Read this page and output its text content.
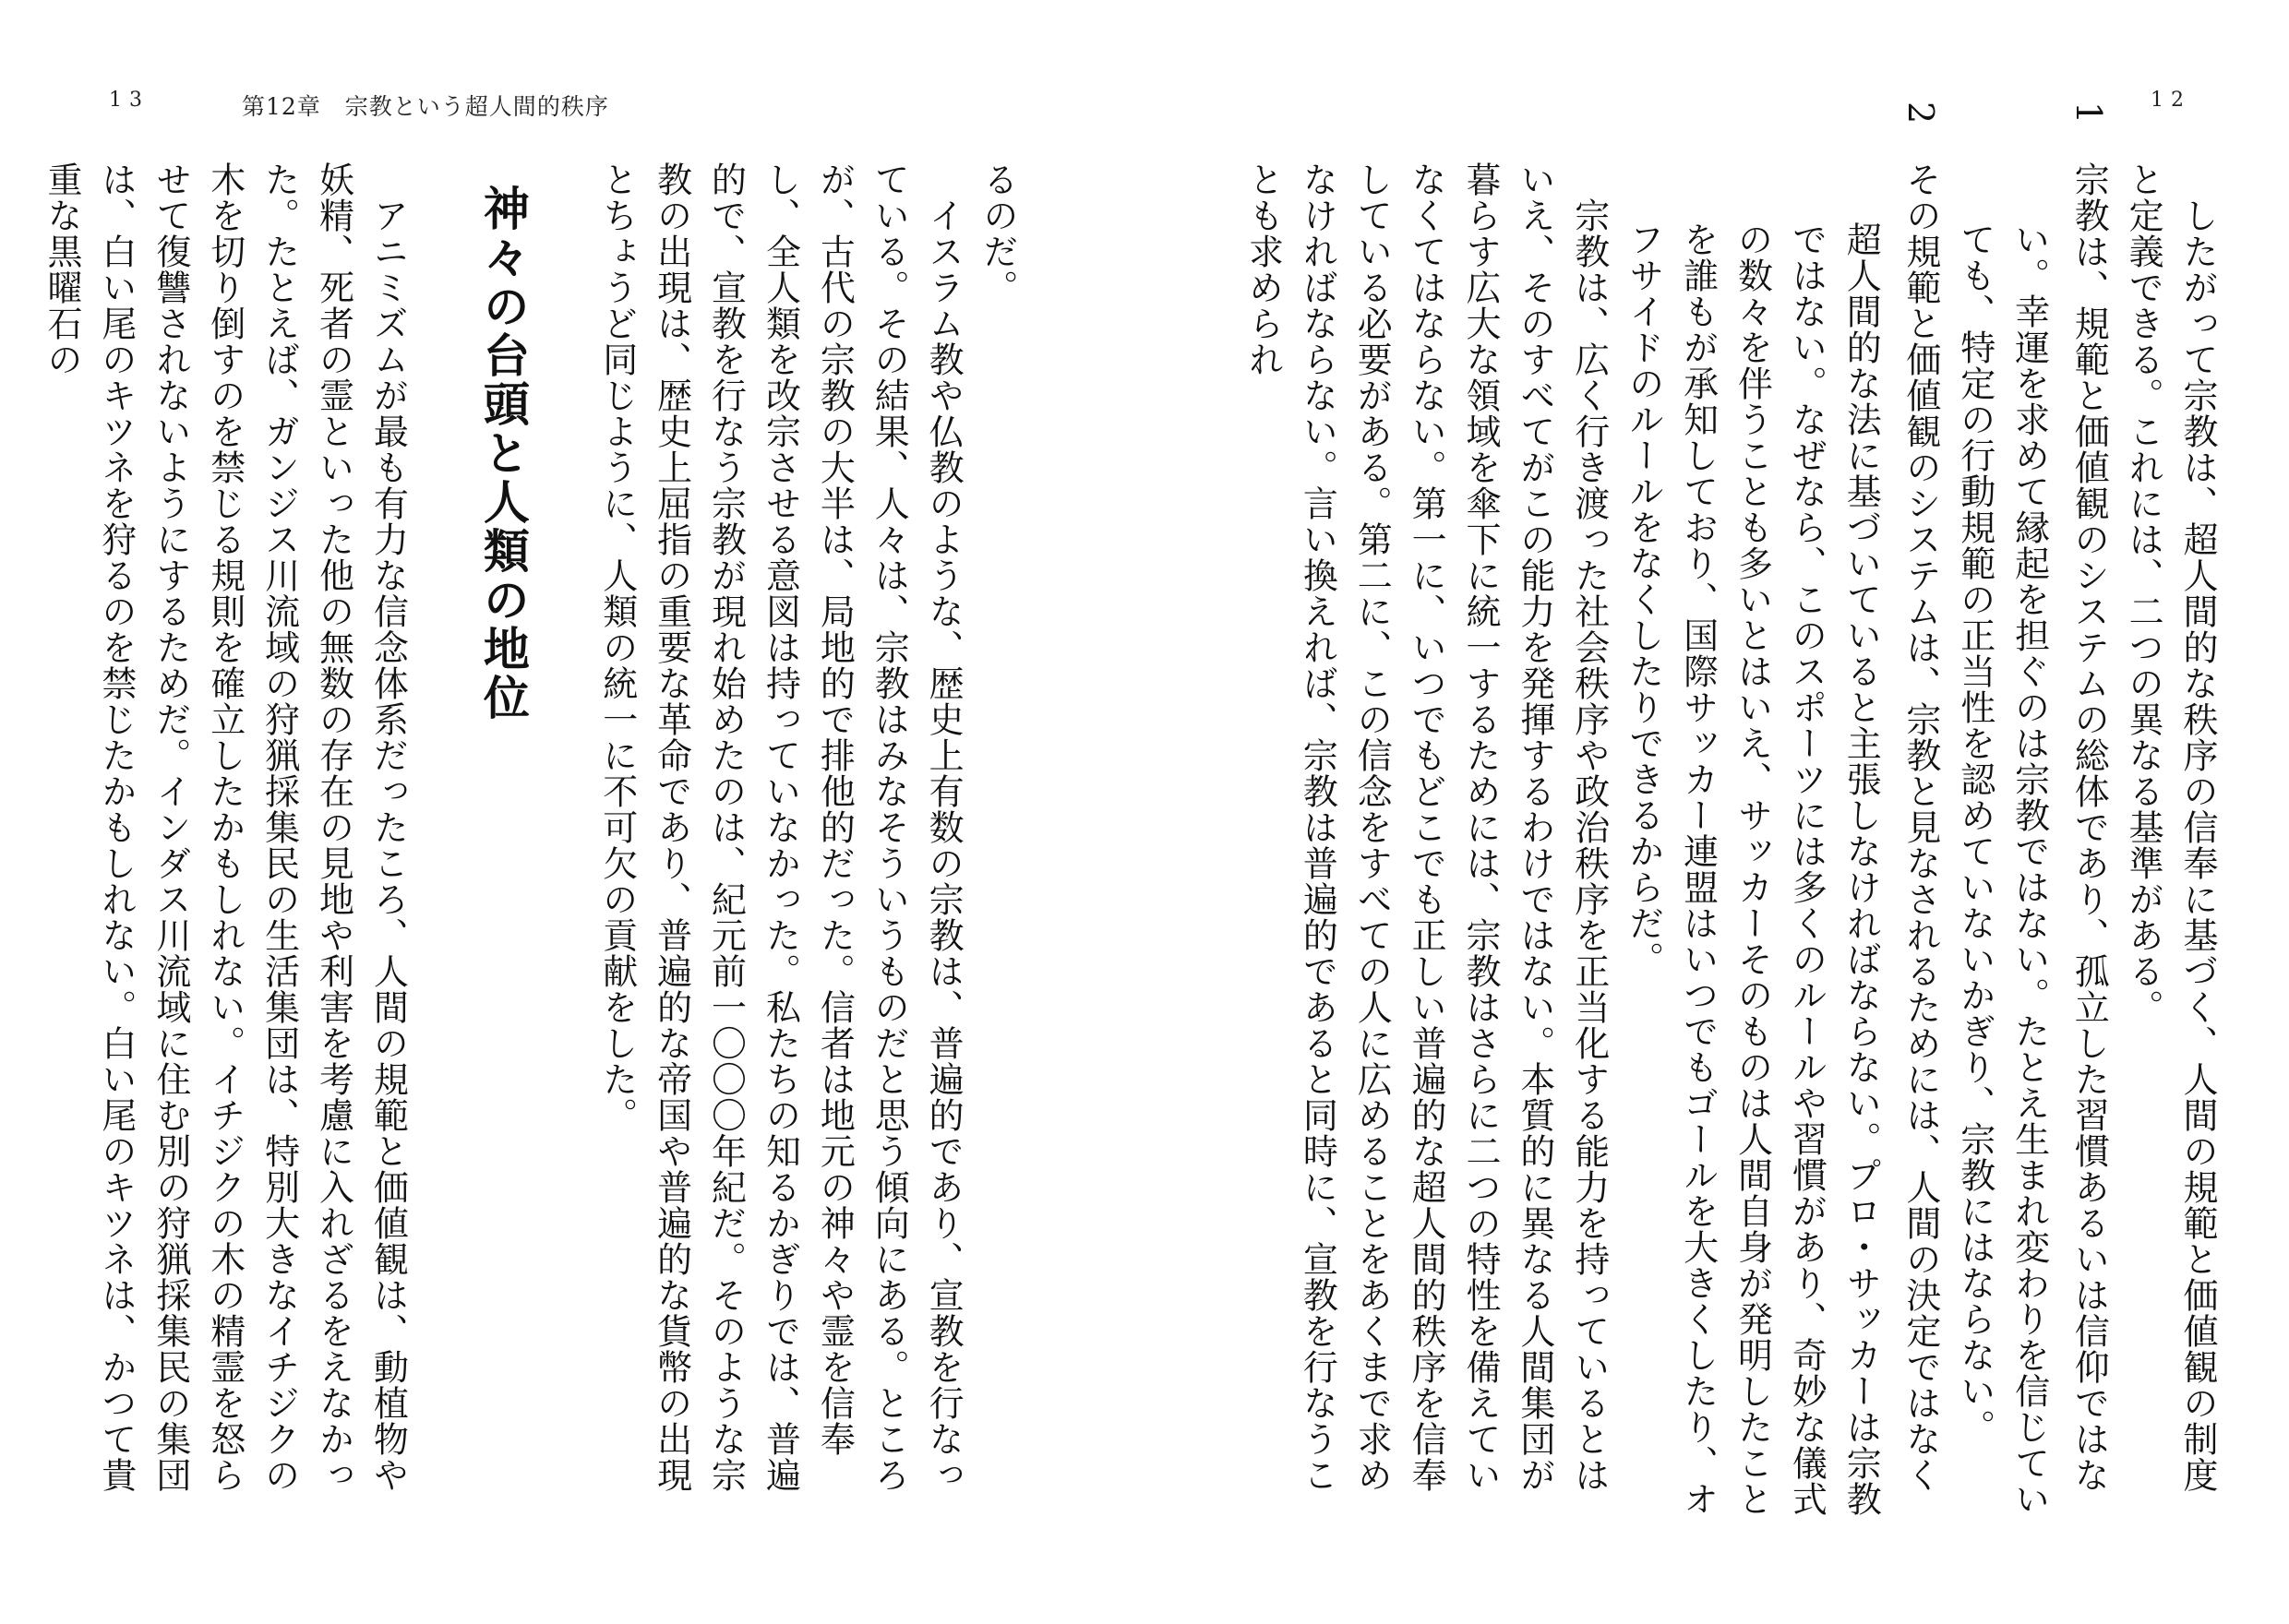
13	第12章　宗教という超人間的秩序	12

　したがって宗教は、超人間的な秩序の信奉に基づく、人間の規範と価値観の制度と定義できる。これには、二つの異なる基準がある。

1宗教は、規範と価値観のシステムの総体であり、孤立した習慣あるいは信仰ではない。幸運を求めて縁起を担ぐのは宗教ではない。たとえ生まれ変わりを信じていても、特定の行動規範の正当性を認めていないかぎり、宗教にはならない。

2その規範と価値観のシステムは、宗教と見なされるためには、人間の決定ではなく超人間的な法に基づいていると主張しなければならない。プロ・サッカーは宗教ではない。なぜなら、このスポーツには多くのルールや習慣があり、奇妙な儀式の数々を伴うことも多いとはいえ、サッカーそのものは人間自身が発明したことを誰もが承知しており、国際サッカー連盟はいつでもゴールを大きくしたり、オフサイドのルールをなくしたりできるからだ。

　宗教は、広く行き渡った社会秩序や政治秩序を正当化する能力を持っているとはいえ、そのすべてがこの能力を発揮するわけではない。本質的に異なる人間集団が暮らす広大な領域を傘下に統一するためには、宗教はさらに二つの特性を備えていなくてはならない。第一に、いつでもどこでも正しい普遍的な超人間的秩序を信奉している必要がある。第二に、この信念をすべての人に広めることをあくまで求めなければならない。言い換えれば、宗教は普遍的であると同時に、宣教を行なうことも求められ

るのだ。

　イスラム教や仏教のような、歴史上有数の宗教は、普遍的であり、宣教を行なっている。その結果、人々は、宗教はみなそういうものだと思う傾向にある。ところが、古代の宗教の大半は、局地的で排他的だった。信者は地元の神々や霊を信奉し、全人類を改宗させる意図は持っていなかった。私たちの知るかぎりでは、普遍的で、宣教を行なう宗教が現れ始めたのは、紀元前一〇〇〇年紀だ。そのような宗教の出現は、歴史上屈指の重要な革命であり、普遍的な帝国や普遍的な貨幣の出現とちょうど同じように、人類の統一に不可欠の貢献をした。

神々の台頭と人類の地位

　アニミズムが最も有力な信念体系だったころ、人間の規範と価値観は、動植物や妖精、死者の霊といった他の無数の存在の見地や利害を考慮に入れざるをえなかった。たとえば、ガンジス川流域の狩猟採集民の生活集団は、特別大きなイチジクの木を切り倒すのを禁じる規則を確立したかもしれない。イチジクの木の精霊を怒らせて復讐されないようにするためだ。インダス川流域に住む別の狩猟採集民の集団は、白い尾のキツネを狩るのを禁じたかもしれない。白い尾のキツネは、かつて貴重な黒曜石の
